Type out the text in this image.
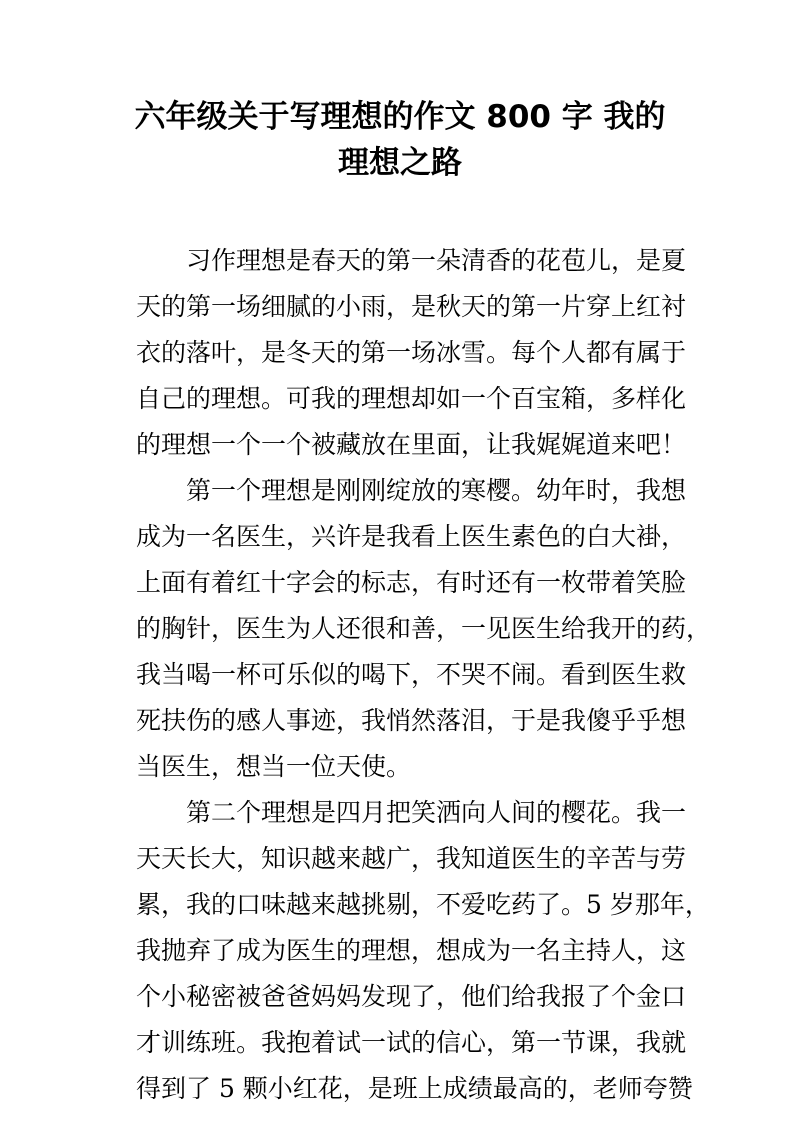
六年级关于写理想的作文 800 字 我的
理想之路
习作理想是春天的第一朵清香的花苞儿，是夏
天的第一场细腻的小雨，是秋天的第一片穿上红衬
衣的落叶，是冬天的第一场冰雪。每个人都有属于
自己的理想。可我的理想却如一个百宝箱，多样化
的理想一个一个被藏放在里面，让我娓娓道来吧！
第一个理想是刚刚绽放的寒樱。幼年时，我想
成为一名医生，兴许是我看上医生素色的白大褂，
上面有着红十字会的标志，有时还有一枚带着笑脸
的胸针，医生为人还很和善，一见医生给我开的药，
我当喝一杯可乐似的喝下，不哭不闹。看到医生救
死扶伤的感人事迹，我悄然落泪，于是我傻乎乎想
当医生，想当一位天使。
第二个理想是四月把笑洒向人间的樱花。我一
天天长大，知识越来越广，我知道医生的辛苦与劳
累，我的口味越来越挑剔，不爱吃药了。5 岁那年，
我抛弃了成为医生的理想，想成为一名主持人，这
个小秘密被爸爸妈妈发现了，他们给我报了个金口
才训练班。我抱着试一试的信心，第一节课，我就
得到了 5 颗小红花，是班上成绩最高的，老师夸赞
